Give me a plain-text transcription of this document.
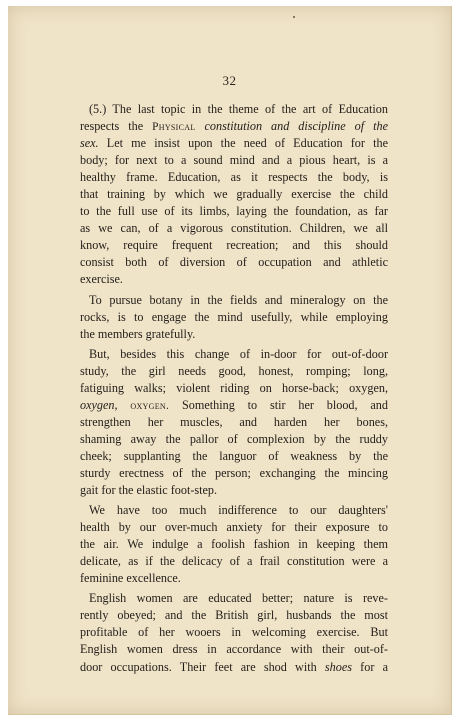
32
(5.) The last topic in the theme of the art of Education
respects the Physical constitution and discipline of the
sex. Let me insist upon the need of Education for the
body; for next to a sound mind and a pious heart, is a
healthy frame. Education, as it respects the body, is
that training by which we gradually exercise the child
to the full use of its limbs, laying the foundation, as far
as we can, of a vigorous constitution. Children, we all
know, require frequent recreation; and this should
consist both of diversion of occupation and athletic
exercise.
To pursue botany in the fields and mineralogy on the
rocks, is to engage the mind usefully, while employing
the members gratefully.
But, besides this change of in-door for out-of-door
study, the girl needs good, honest, romping; long,
fatiguing walks; violent riding on horse-back; oxygen,
oxygen, oxygen. Something to stir her blood, and
strengthen her muscles, and harden her bones,
shaming away the pallor of complexion by the ruddy
cheek; supplanting the languor of weakness by the
sturdy erectness of the person; exchanging the mincing
gait for the elastic foot-step.
We have too much indifference to our daughters'
health by our over-much anxiety for their exposure to
the air. We indulge a foolish fashion in keeping them
delicate, as if the delicacy of a frail constitution were a
feminine excellence.
English women are educated better; nature is reve-
rently obeyed; and the British girl, husbands the most
profitable of her wooers in welcoming exercise. But
English women dress in accordance with their out-of-
door occupations. Their feet are shod with shoes for a
